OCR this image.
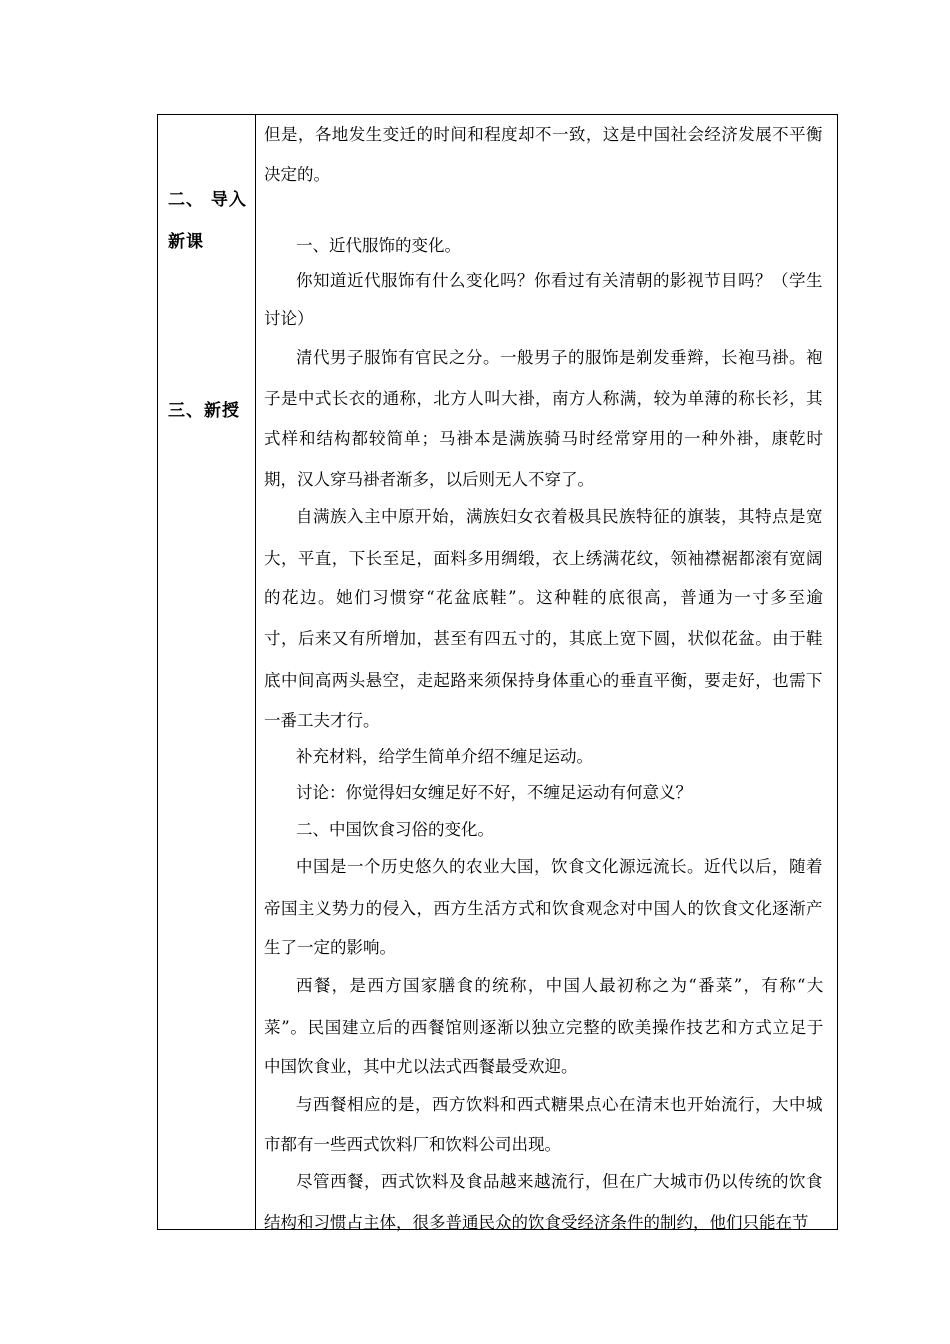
二、 导入
新课
三、新授
但是，各地发生变迁的时间和程度却不一致，这是中国社会经济发展不平衡
决定的。
一、近代服饰的变化。
你知道近代服饰有什么变化吗？你看过有关清朝的影视节目吗？（学生
讨论）
清代男子服饰有官民之分。一般男子的服饰是剃发垂辫，长袍马褂。袍
子是中式长衣的通称，北方人叫大褂，南方人称满，较为单薄的称长衫，其
式样和结构都较简单；马褂本是满族骑马时经常穿用的一种外褂，康乾时
期，汉人穿马褂者渐多，以后则无人不穿了。
自满族入主中原开始，满族妇女衣着极具民族特征的旗装，其特点是宽
大，平直，下长至足，面料多用绸缎，衣上绣满花纹，领袖襟裾都滚有宽阔
的花边。她们习惯穿“花盆底鞋”。这种鞋的底很高，普通为一寸多至逾
寸，后来又有所增加，甚至有四五寸的，其底上宽下圆，状似花盆。由于鞋
底中间高两头悬空，走起路来须保持身体重心的垂直平衡，要走好，也需下
一番工夫才行。
补充材料，给学生简单介绍不缠足运动。
讨论：你觉得妇女缠足好不好，不缠足运动有何意义？
二、中国饮食习俗的变化。
中国是一个历史悠久的农业大国，饮食文化源远流长。近代以后，随着
帝国主义势力的侵入，西方生活方式和饮食观念对中国人的饮食文化逐渐产
生了一定的影响。
西餐，是西方国家膳食的统称，中国人最初称之为“番菜”，有称“大
菜”。民国建立后的西餐馆则逐渐以独立完整的欧美操作技艺和方式立足于
中国饮食业，其中尤以法式西餐最受欢迎。
与西餐相应的是，西方饮料和西式糖果点心在清末也开始流行，大中城
市都有一些西式饮料厂和饮料公司出现。
尽管西餐，西式饮料及食品越来越流行，但在广大城市仍以传统的饮食
结构和习惯占主体，很多普通民众的饮食受经济条件的制约，他们只能在节
